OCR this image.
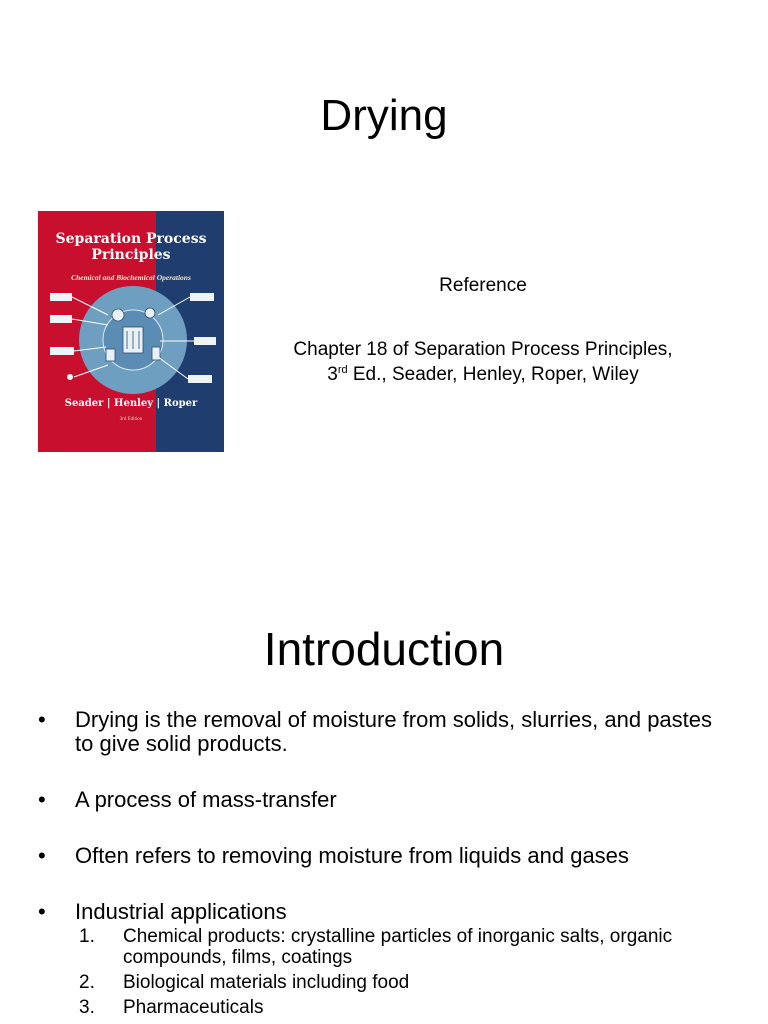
Drying
Separation Process
Principles
Chemical and Biochemical Operations
Seader | Henley | Roper
3rd Edition
Reference
Chapter 18 of Separation Process Principles,
3rd Ed., Seader, Henley, Roper, Wiley
Introduction
• Drying is the removal of moisture from solids, slurries, and pastes to give solid products.
• A process of mass-transfer
• Often refers to removing moisture from liquids and gases
• Industrial applications
1. Chemical products: crystalline particles of inorganic salts, organic compounds, films, coatings
2. Biological materials including food
3. Pharmaceuticals
